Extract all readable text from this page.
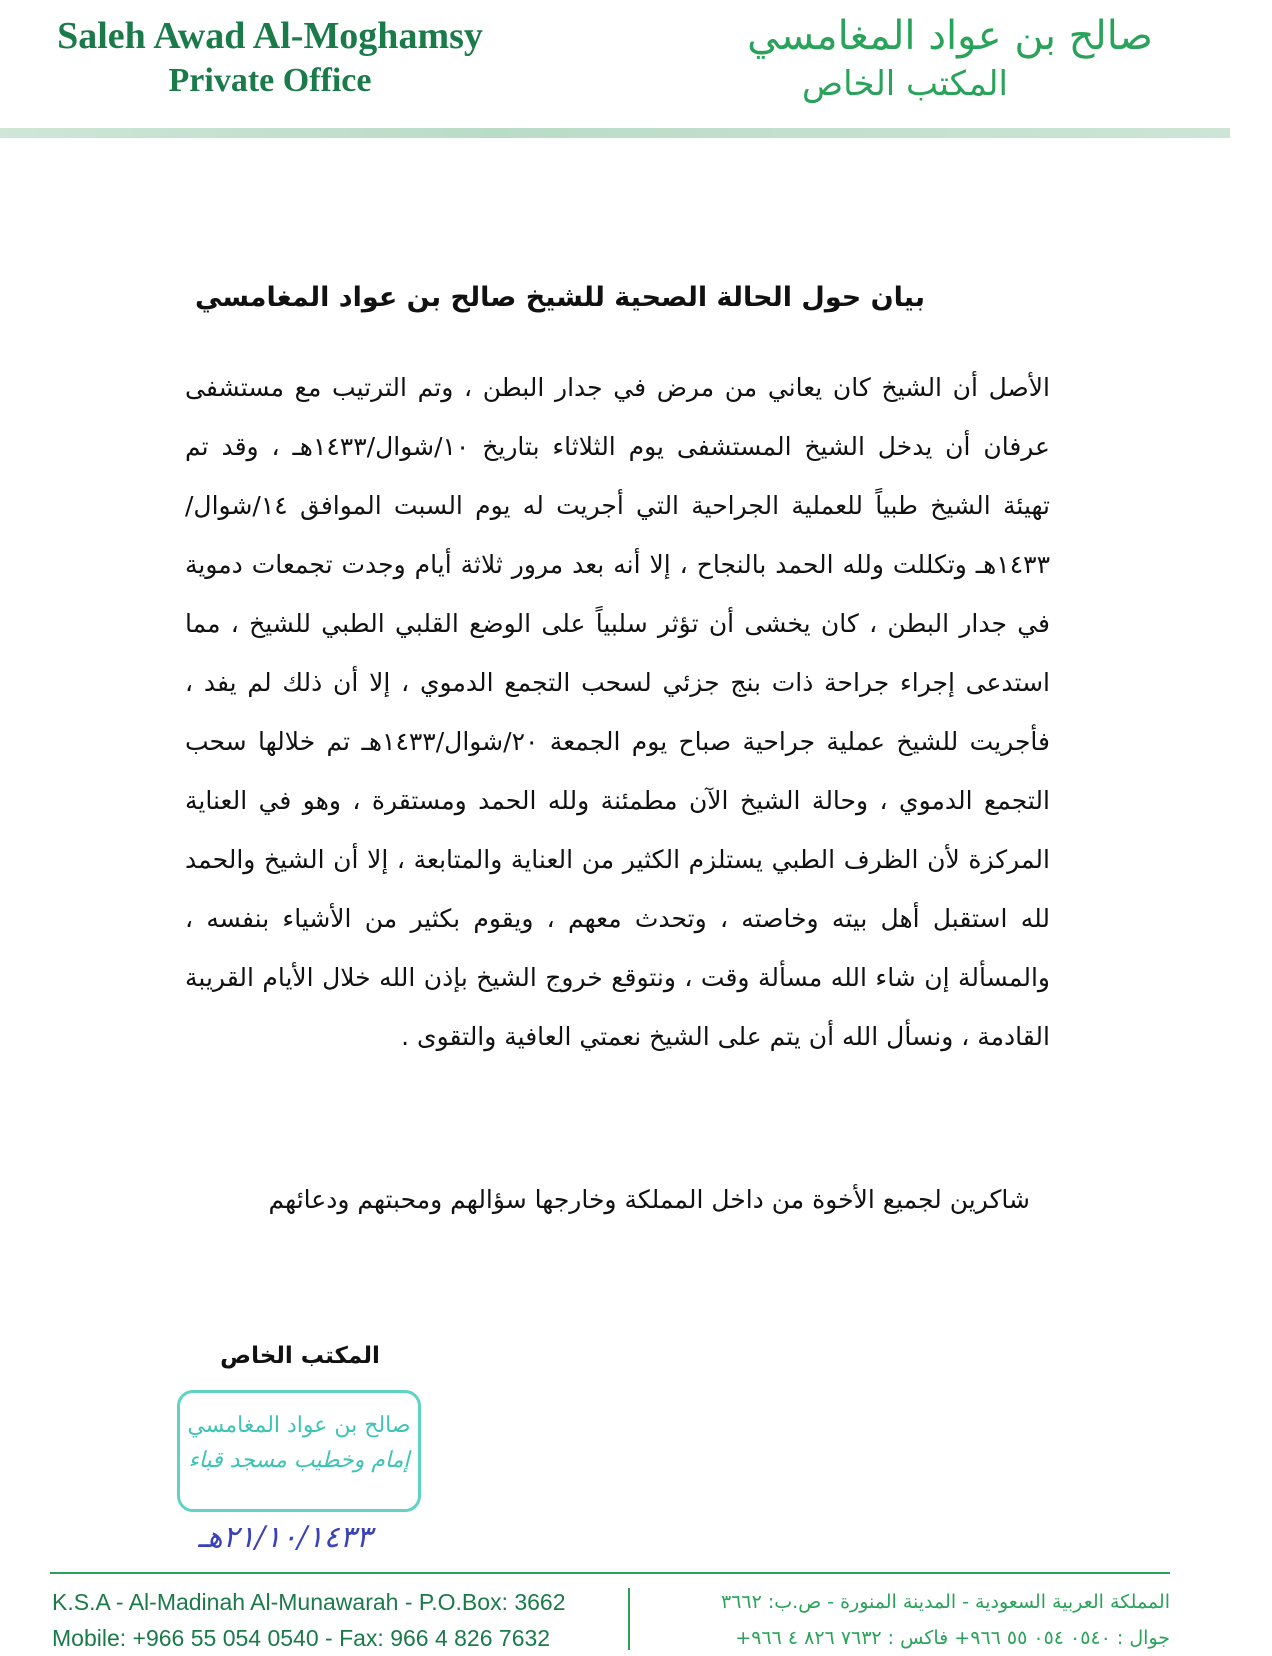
Saleh Awad Al-Moghamsy
Private Office
صالح بن عواد المغامسي
المكتب الخاص
بيان حول الحالة الصحية للشيخ صالح بن عواد المغامسي
الأصل أن الشيخ كان يعاني من مرض في جدار البطن ، وتم الترتيب مع مستشفى عرفان أن يدخل الشيخ المستشفى يوم الثلاثاء بتاريخ ١٠/شوال/١٤٣٣هـ ، وقد تم تهيئة الشيخ طبياً للعملية الجراحية التي أجريت له يوم السبت الموافق ١٤/شوال/١٤٣٣هـ وتكللت ولله الحمد بالنجاح ، إلا أنه بعد مرور ثلاثة أيام وجدت تجمعات دموية في جدار البطن ، كان يخشى أن تؤثر سلبياً على الوضع القلبي الطبي للشيخ ، مما استدعى إجراء جراحة ذات بنج جزئي لسحب التجمع الدموي ، إلا أن ذلك لم يفد ، فأجريت للشيخ عملية جراحية صباح يوم الجمعة ٢٠/شوال/١٤٣٣هـ تم خلالها سحب التجمع الدموي ، وحالة الشيخ الآن مطمئنة ولله الحمد ومستقرة ، وهو في العناية المركزة لأن الظرف الطبي يستلزم الكثير من العناية والمتابعة ، إلا أن الشيخ والحمد لله استقبل أهل بيته وخاصته ، وتحدث معهم ، ويقوم بكثير من الأشياء بنفسه ، والمسألة إن شاء الله مسألة وقت ، ونتوقع خروج الشيخ بإذن الله خلال الأيام القريبة القادمة ، ونسأل الله أن يتم على الشيخ نعمتي العافية والتقوى .
شاكرين لجميع الأخوة من داخل المملكة وخارجها سؤالهم ومحبتهم ودعائهم
المكتب الخاص
صالح بن عواد المغامسي
إمام وخطيب مسجد قباء
٢١/١٠/١٤٣٣هـ
K.S.A - Al-Madinah Al-Munawarah - P.O.Box: 3662
Mobile: +966 55 054 0540 - Fax: 966 4 826 7632
المملكة العربية السعودية - المدينة المنورة - ص.ب: ٣٦٦٢
جوال : ٠٥٤٠ ٠٥٤ ٥٥ ٩٦٦+ فاكس : ٧٦٣٢ ٨٢٦ ٤ ٩٦٦+
